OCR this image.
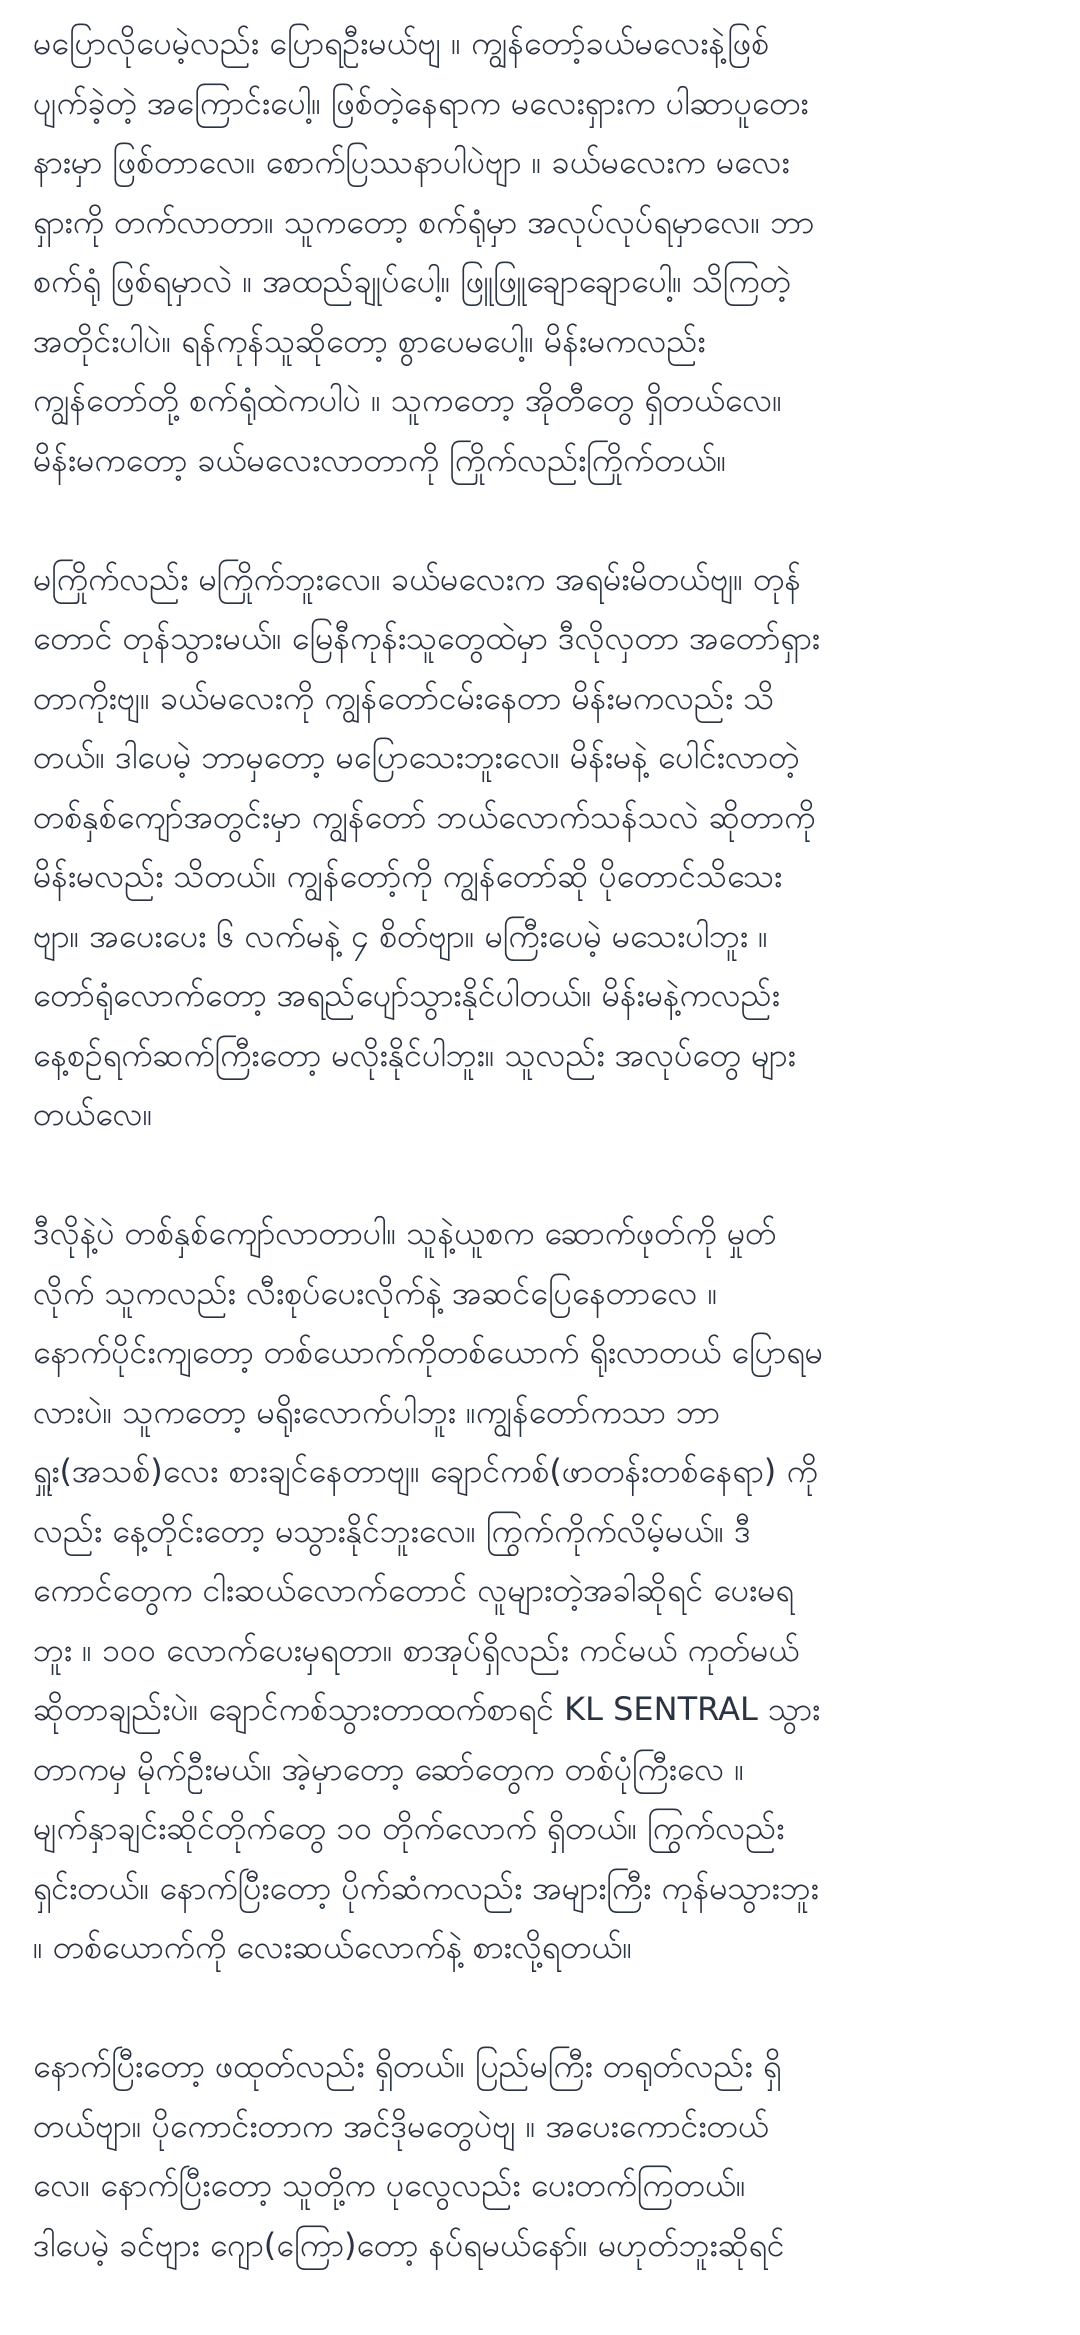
မပြောလိုပေမဲ့လည်း ပြောရဦးမယ်ဗျ ။ ကျွန်တော့်ခယ်မလေးနဲ့ဖြစ်
ပျက်ခဲ့တဲ့ အကြောင်းပေါ့။ ဖြစ်တဲ့နေရာက မလေးရှားက ပါဆာပူတေး
နားမှာ ဖြစ်တာလေ။ စောက်ပြဿနာပါပဲဗျာ ။ ခယ်မလေးက မလေး
ရှားကို တက်လာတာ။ သူကတော့ စက်ရုံမှာ အလုပ်လုပ်ရမှာလေ။ ဘာ
စက်ရုံ ဖြစ်ရမှာလဲ ။ အထည်ချုပ်ပေါ့။ ဖြူဖြူချောချောပေါ့။ သိကြတဲ့
အတိုင်းပါပဲ။ ရန်ကုန်သူဆိုတော့ စွာပေမပေါ့။ မိန်းမကလည်း
ကျွန်တော်တို့ စက်ရုံထဲကပါပဲ ။ သူကတော့ အိုတီတွေ ရှိတယ်လေ။
မိန်းမကတော့ ခယ်မလေးလာတာကို ကြိုက်လည်းကြိုက်တယ်။

မကြိုက်လည်း မကြိုက်ဘူးလေ။ ခယ်မလေးက အရမ်းမိတယ်ဗျ။ တုန်
တောင် တုန်သွားမယ်။ မြေနီကုန်းသူတွေထဲမှာ ဒီလိုလှတာ အတော်ရှား
တာကိုးဗျ။ ခယ်မလေးကို ကျွန်တော်ငမ်းနေတာ မိန်းမကလည်း သိ
တယ်။ ဒါပေမဲ့ ဘာမှတော့ မပြောသေးဘူးလေ။ မိန်းမနဲ့ ပေါင်းလာတဲ့
တစ်နှစ်ကျော်အတွင်းမှာ ကျွန်တော် ဘယ်လောက်သန်သလဲ ဆိုတာကို
မိန်းမလည်း သိတယ်။ ကျွန်တော့်ကို ကျွန်တော်ဆို ပိုတောင်သိသေး
ဗျာ။ အပေးပေး ၆ လက်မနဲ့ ၄ စိတ်ဗျာ။ မကြီးပေမဲ့ မသေးပါဘူး ။
တော်ရုံလောက်တော့ အရည်ပျော်သွားနိုင်ပါတယ်။ မိန်းမနဲ့ကလည်း
နေ့စဉ်ရက်ဆက်ကြီးတော့ မလိုးနိုင်ပါဘူး။ သူလည်း အလုပ်တွေ များ
တယ်လေ။

ဒီလိုနဲ့ပဲ တစ်နှစ်ကျော်လာတာပါ။ သူနဲ့ယူစက ဆောက်ဖုတ်ကို မှုတ်
လိုက် သူကလည်း လီးစုပ်ပေးလိုက်နဲ့ အဆင်ပြေနေတာလေ ။
နောက်ပိုင်းကျတော့ တစ်ယောက်ကိုတစ်ယောက် ရိုးလာတယ် ပြောရမ
လားပဲ။ သူကတော့ မရိုးလောက်ပါဘူး ။ကျွန်တော်ကသာ ဘာ
ရှူး(အသစ်)လေး စားချင်နေတာဗျ။ ချောင်ကစ်(ဖာတန်းတစ်နေရာ) ကို
လည်း နေ့တိုင်းတော့ မသွားနိုင်ဘူးလေ။ ကြွက်ကိုက်လိမ့်မယ်။ ဒီ
ကောင်တွေက ငါးဆယ်လောက်တောင် လူများတဲ့အခါဆိုရင် ပေးမရ
ဘူး ။ ၁၀၀ လောက်ပေးမှရတာ။ စာအုပ်ရှိလည်း ကင်မယ် ကုတ်မယ်
ဆိုတာချည်းပဲ။ ချောင်ကစ်သွားတာထက်စာရင် KL SENTRAL သွား
တာကမှ မိုက်ဦးမယ်။ အဲ့မှာတော့ ဆော်တွေက တစ်ပုံကြီးလေ ။
မျက်နှာချင်းဆိုင်တိုက်တွေ ၁၀ တိုက်လောက် ရှိတယ်။ ကြွက်လည်း
ရှင်းတယ်။ နောက်ပြီးတော့ ပိုက်ဆံကလည်း အများကြီး ကုန်မသွားဘူး
။ တစ်ယောက်ကို လေးဆယ်လောက်နဲ့ စားလို့ရတယ်။

နောက်ပြီးတော့ ဖထုတ်လည်း ရှိတယ်။ ပြည်မကြီး တရုတ်လည်း ရှိ
တယ်ဗျာ။ ပိုကောင်းတာက အင်ဒိုမတွေပဲဗျ ။ အပေးကောင်းတယ်
လေ။ နောက်ပြီးတော့ သူတို့က ပုလွေလည်း ပေးတက်ကြတယ်။
ဒါပေမဲ့ ခင်ဗျား ဂျော(ကြော)တော့ နပ်ရမယ်နော်။ မဟုတ်ဘူးဆိုရင်
